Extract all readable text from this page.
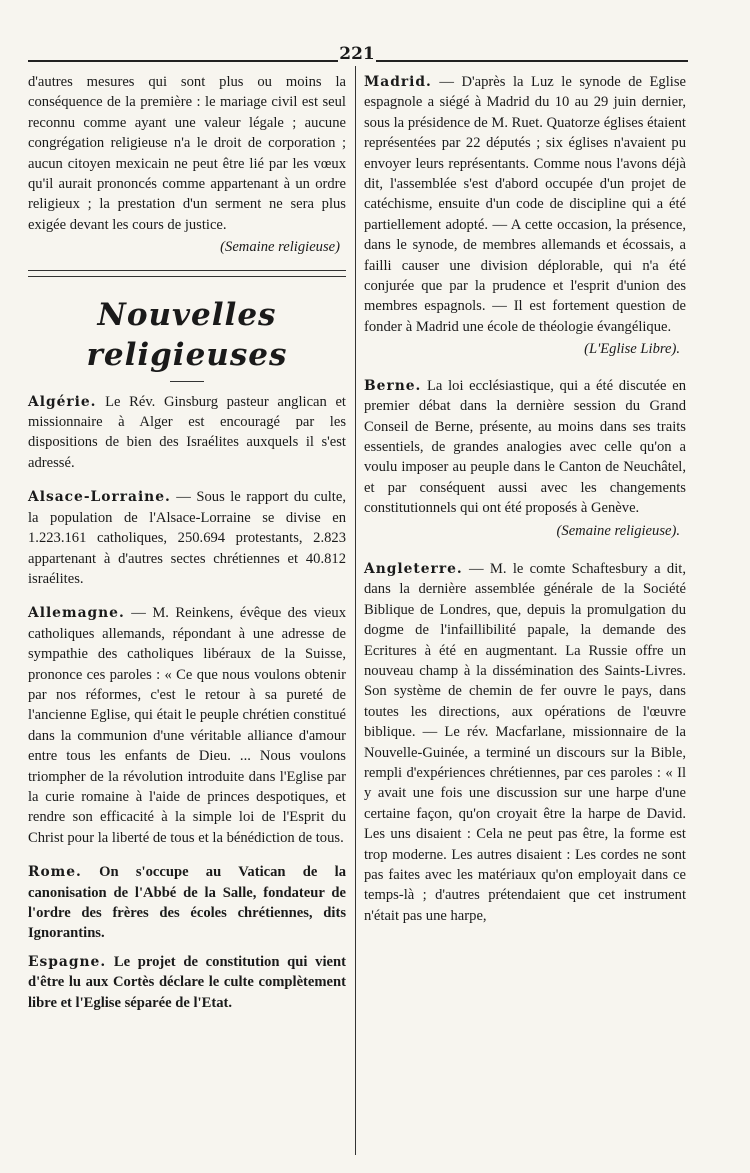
221

d'autres mesures qui sont plus ou moins la conséquence de la première : le mariage civil est seul reconnu comme ayant une valeur légale ; aucune congrégation religieuse n'a le droit de corporation ; aucun citoyen mexicain ne peut être lié par les vœux qu'il aurait prononcés comme appartenant à un ordre religieux ; la prestation d'un serment ne sera plus exigée devant les cours de justice.

(Semaine religieuse)

Nouvelles religieuses

Algérie. Le Rév. Ginsburg pasteur anglican et missionnaire à Alger est encouragé par les dispositions de bien des Israélites auxquels il s'est adressé.

Alsace-Lorraine. — Sous le rapport du culte, la population de l'Alsace-Lorraine se divise en 1.223.161 catholiques, 250.694 protestants, 2.823 appartenant à d'autres sectes chrétiennes et 40.812 israélites.

Allemagne. — M. Reinkens, évêque des vieux catholiques allemands, répondant à une adresse de sympathie des catholiques libéraux de la Suisse, prononce ces paroles : « Ce que nous voulons obtenir par nos réformes, c'est le retour à sa pureté de l'ancienne Eglise, qui était le peuple chrétien constitué dans la communion d'une véritable alliance d'amour entre tous les enfants de Dieu. ... Nous voulons triompher de la révolution introduite dans l'Eglise par la curie romaine à l'aide de princes despotiques, et rendre son efficacité à la simple loi de l'Esprit du Christ pour la liberté de tous et la bénédiction de tous.

Rome. On s'occupe au Vatican de la canonisation de l'Abbé de la Salle, fondateur de l'ordre des frères des écoles chrétiennes, dits Ignorantins.

Espagne. Le projet de constitution qui vient d'être lu aux Cortès déclare le culte complètement libre et l'Eglise séparée de l'Etat.

Madrid. — D'après la Luz le synode de Eglise espagnole a siégé à Madrid du 10 au 29 juin dernier, sous la présidence de M. Ruet. Quatorze églises étaient représentées par 22 députés ; six églises n'avaient pu envoyer leurs représentants. Comme nous l'avons déjà dit, l'assemblée s'est d'abord occupée d'un projet de catéchisme, ensuite d'un code de discipline qui a été partiellement adopté. — A cette occasion, la présence, dans le synode, de membres allemands et écossais, a failli causer une division déplorable, qui n'a été conjurée que par la prudence et l'esprit d'union des membres espagnols. — Il est fortement question de fonder à Madrid une école de théologie évangélique.

(L'Eglise Libre).

Berne. La loi ecclésiastique, qui a été discutée en premier débat dans la dernière session du Grand Conseil de Berne, présente, au moins dans ses traits essentiels, de grandes analogies avec celle qu'on a voulu imposer au peuple dans le Canton de Neuchâtel, et par conséquent aussi avec les changements constitutionnels qui ont été proposés à Genève.

(Semaine religieuse).

Angleterre. — M. le comte Schaftesbury a dit, dans la dernière assemblée générale de la Société Biblique de Londres, que, depuis la promulgation du dogme de l'infaillibilité papale, la demande des Ecritures à été en augmentant. La Russie offre un nouveau champ à la dissémination des Saints-Livres. Son système de chemin de fer ouvre le pays, dans toutes les directions, aux opérations de l'œuvre biblique. — Le rév. Macfarlane, missionnaire de la Nouvelle-Guinée, a terminé un discours sur la Bible, rempli d'expériences chrétiennes, par ces paroles : « Il y avait une fois une discussion sur une harpe d'une certaine façon, qu'on croyait être la harpe de David. Les uns disaient : Cela ne peut pas être, la forme est trop moderne. Les autres disaient : Les cordes ne sont pas faites avec les matériaux qu'on employait dans ce temps-là ; d'autres prétendaient que cet instrument n'était pas une harpe,
